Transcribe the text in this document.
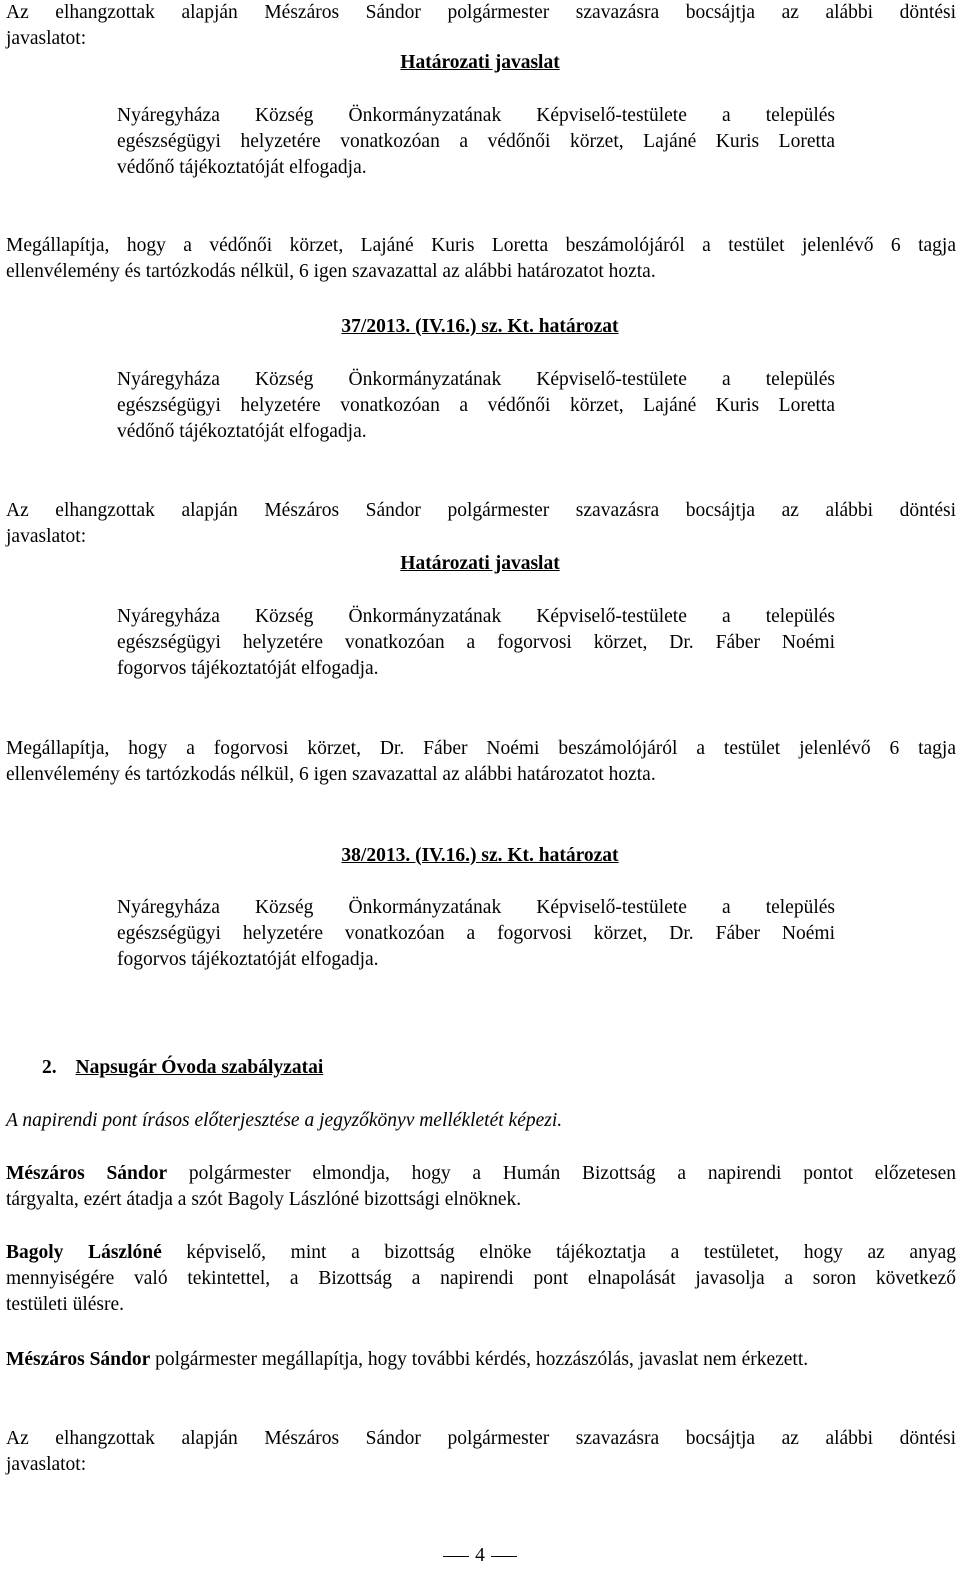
Az elhangzottak alapján Mészáros Sándor polgármester szavazásra bocsájtja az alábbi döntési
javaslatot:
Határozati javaslat
Nyáregyháza Község Önkormányzatának Képviselő-testülete a település
egészségügyi helyzetére vonatkozóan a védőnői körzet, Lajáné Kuris Loretta
védőnő tájékoztatóját elfogadja.
Megállapítja, hogy a védőnői körzet, Lajáné Kuris Loretta beszámolójáról a testület jelenlévő 6 tagja
ellenvélemény és tartózkodás nélkül, 6 igen szavazattal az alábbi határozatot hozta.
37/2013. (IV.16.) sz. Kt. határozat
Nyáregyháza Község Önkormányzatának Képviselő-testülete a település
egészségügyi helyzetére vonatkozóan a védőnői körzet, Lajáné Kuris Loretta
védőnő tájékoztatóját elfogadja.
Az elhangzottak alapján Mészáros Sándor polgármester szavazásra bocsájtja az alábbi döntési
javaslatot:
Határozati javaslat
Nyáregyháza Község Önkormányzatának Képviselő-testülete a település
egészségügyi helyzetére vonatkozóan a fogorvosi körzet, Dr. Fáber Noémi
fogorvos tájékoztatóját elfogadja.
Megállapítja, hogy a fogorvosi körzet, Dr. Fáber Noémi beszámolójáról a testület jelenlévő 6 tagja
ellenvélemény és tartózkodás nélkül, 6 igen szavazattal az alábbi határozatot hozta.
38/2013. (IV.16.) sz. Kt. határozat
Nyáregyháza Község Önkormányzatának Képviselő-testülete a település
egészségügyi helyzetére vonatkozóan a fogorvosi körzet, Dr. Fáber Noémi
fogorvos tájékoztatóját elfogadja.
2. Napsugár Óvoda szabályzatai
A napirendi pont írásos előterjesztése a jegyzőkönyv mellékletét képezi.
Mészáros Sándor polgármester elmondja, hogy a Humán Bizottság a napirendi pontot előzetesen
tárgyalta, ezért átadja a szót Bagoly Lászlóné bizottsági elnöknek.
Bagoly Lászlóné képviselő, mint a bizottság elnöke tájékoztatja a testületet, hogy az anyag
mennyiségére való tekintettel, a Bizottság a napirendi pont elnapolását javasolja a soron következő
testületi ülésre.
Mészáros Sándor polgármester megállapítja, hogy további kérdés, hozzászólás, javaslat nem érkezett.
Az elhangzottak alapján Mészáros Sándor polgármester szavazásra bocsájtja az alábbi döntési
javaslatot:
4
